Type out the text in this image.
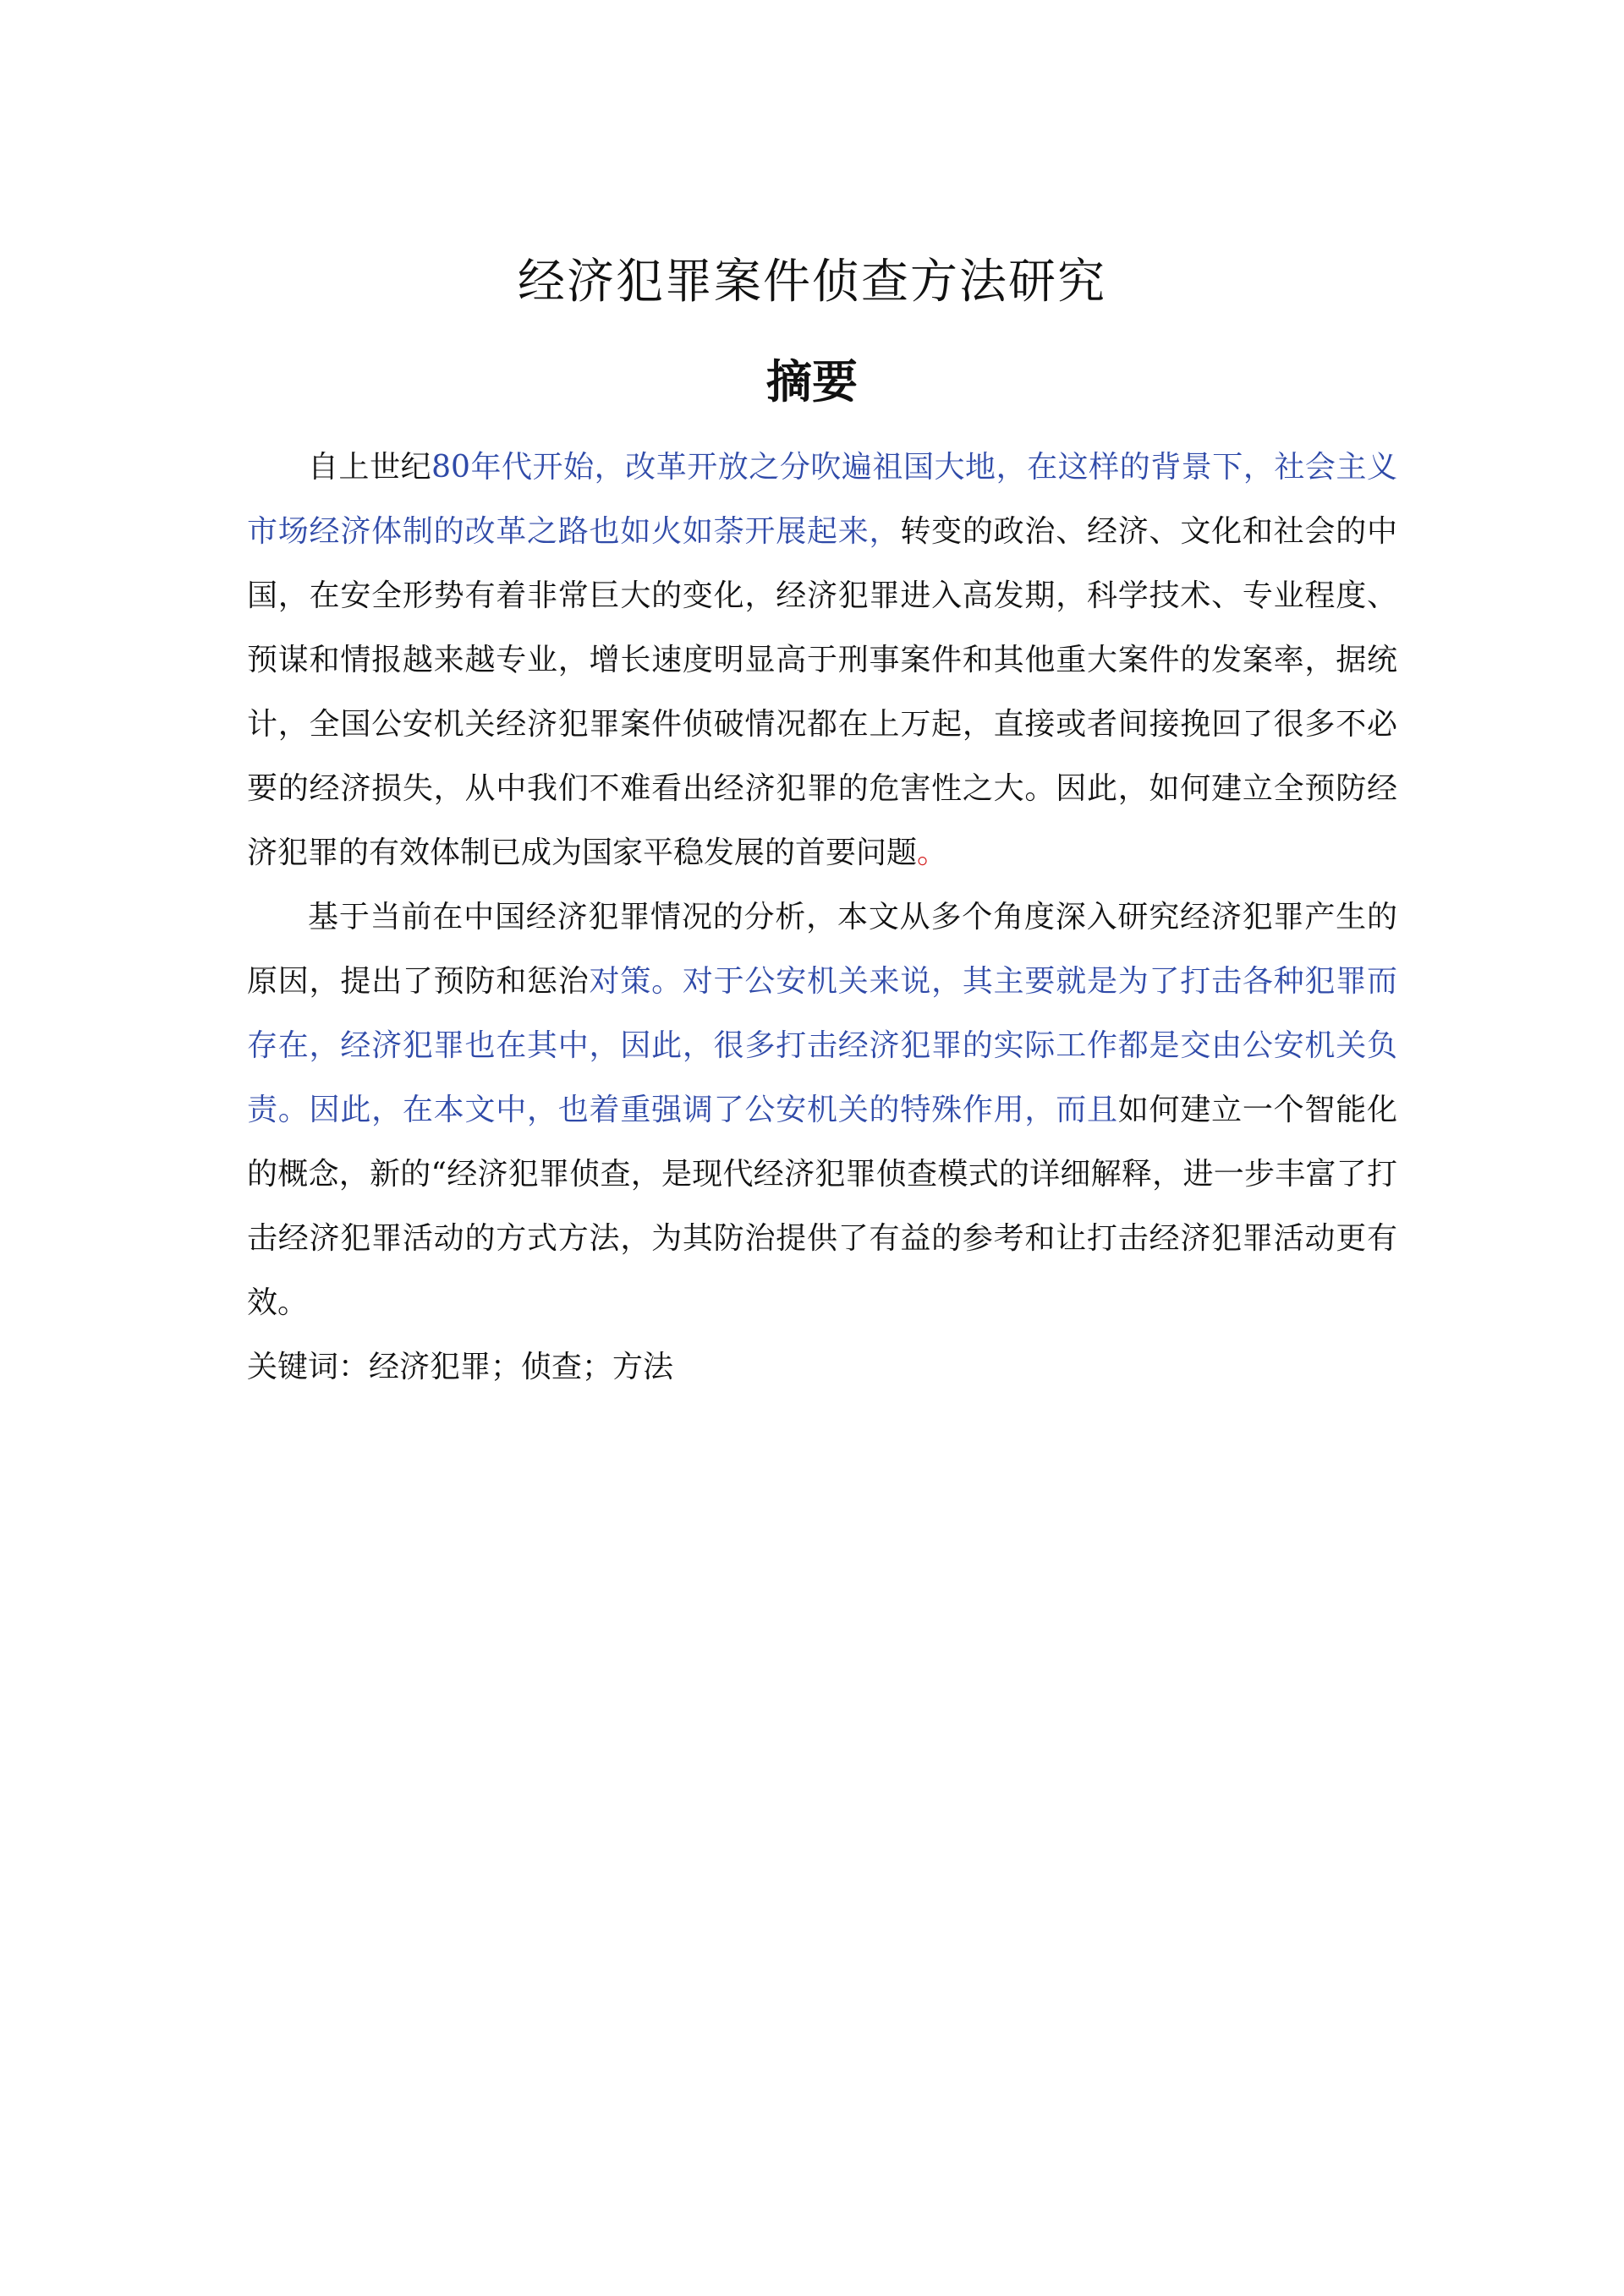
经济犯罪案件侦查方法研究
摘要

自上世纪80年代开始，改革开放之分吹遍祖国大地，在这样的背景下，社会主义市场经济体制的改革之路也如火如荼开展起来，转变的政治、经济、文化和社会的中国，在安全形势有着非常巨大的变化，经济犯罪进入高发期，科学技术、专业程度、预谋和情报越来越专业，增长速度明显高于刑事案件和其他重大案件的发案率，据统计，全国公安机关经济犯罪案件侦破情况都在上万起，直接或者间接挽回了很多不必要的经济损失，从中我们不难看出经济犯罪的危害性之大。因此，如何建立全预防经济犯罪的有效体制已成为国家平稳发展的首要问题。

基于当前在中国经济犯罪情况的分析，本文从多个角度深入研究经济犯罪产生的原因，提出了预防和惩治对策。对于公安机关来说，其主要就是为了打击各种犯罪而存在，经济犯罪也在其中，因此，很多打击经济犯罪的实际工作都是交由公安机关负责。因此，在本文中，也着重强调了公安机关的特殊作用，而且如何建立一个智能化的概念，新的“经济犯罪侦查，是现代经济犯罪侦查模式的详细解释，进一步丰富了打击经济犯罪活动的方式方法，为其防治提供了有益的参考和让打击经济犯罪活动更有效。

关键词：经济犯罪；侦查；方法
